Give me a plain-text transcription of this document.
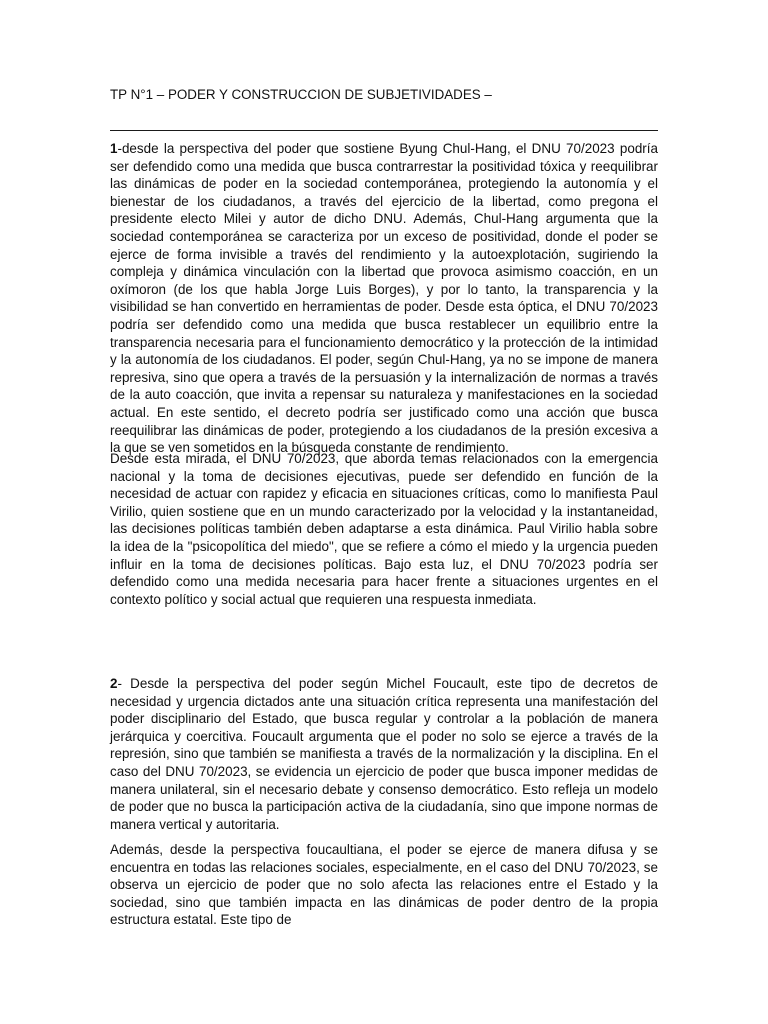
TP N°1 – PODER Y CONSTRUCCION DE SUBJETIVIDADES –

1-desde la perspectiva del poder que sostiene Byung Chul-Hang, el DNU 70/2023 podría ser defendido como una medida que busca contrarrestar la positividad tóxica y reequilibrar las dinámicas de poder en la sociedad contemporánea, protegiendo la autonomía y el bienestar de los ciudadanos, a través del ejercicio de la libertad, como pregona el presidente electo Milei y autor de dicho DNU. Además, Chul-Hang argumenta que la sociedad contemporánea se caracteriza por un exceso de positividad, donde el poder se ejerce de forma invisible a través del rendimiento y la autoexplotación, sugiriendo la compleja y dinámica vinculación con la libertad que provoca asimismo coacción, en un oxímoron (de los que habla Jorge Luis Borges), y por lo tanto, la transparencia y la visibilidad se han convertido en herramientas de poder. Desde esta óptica, el DNU 70/2023 podría ser defendido como una medida que busca restablecer un equilibrio entre la transparencia necesaria para el funcionamiento democrático y la protección de la intimidad y la autonomía de los ciudadanos. El poder, según Chul-Hang, ya no se impone de manera represiva, sino que opera a través de la persuasión y la internalización de normas a través de la auto coacción, que invita a repensar su naturaleza y manifestaciones en la sociedad actual. En este sentido, el decreto podría ser justificado como una acción que busca reequilibrar las dinámicas de poder, protegiendo a los ciudadanos de la presión excesiva a la que se ven sometidos en la búsqueda constante de rendimiento.

Desde esta mirada, el DNU 70/2023, que aborda temas relacionados con la emergencia nacional y la toma de decisiones ejecutivas, puede ser defendido en función de la necesidad de actuar con rapidez y eficacia en situaciones críticas, como lo manifiesta Paul Virilio, quien sostiene que en un mundo caracterizado por la velocidad y la instantaneidad, las decisiones políticas también deben adaptarse a esta dinámica. Paul Virilio habla sobre la idea de la "psicopolítica del miedo", que se refiere a cómo el miedo y la urgencia pueden influir en la toma de decisiones políticas. Bajo esta luz, el DNU 70/2023 podría ser defendido como una medida necesaria para hacer frente a situaciones urgentes en el contexto político y social actual que requieren una respuesta inmediata.

2- Desde la perspectiva del poder según Michel Foucault, este tipo de decretos de necesidad y urgencia dictados ante una situación crítica representa una manifestación del poder disciplinario del Estado, que busca regular y controlar a la población de manera jerárquica y coercitiva. Foucault argumenta que el poder no solo se ejerce a través de la represión, sino que también se manifiesta a través de la normalización y la disciplina. En el caso del DNU 70/2023, se evidencia un ejercicio de poder que busca imponer medidas de manera unilateral, sin el necesario debate y consenso democrático. Esto refleja un modelo de poder que no busca la participación activa de la ciudadanía, sino que impone normas de manera vertical y autoritaria.

Además, desde la perspectiva foucaultiana, el poder se ejerce de manera difusa y se encuentra en todas las relaciones sociales, especialmente, en el caso del DNU 70/2023, se observa un ejercicio de poder que no solo afecta las relaciones entre el Estado y la sociedad, sino que también impacta en las dinámicas de poder dentro de la propia estructura estatal. Este tipo de
